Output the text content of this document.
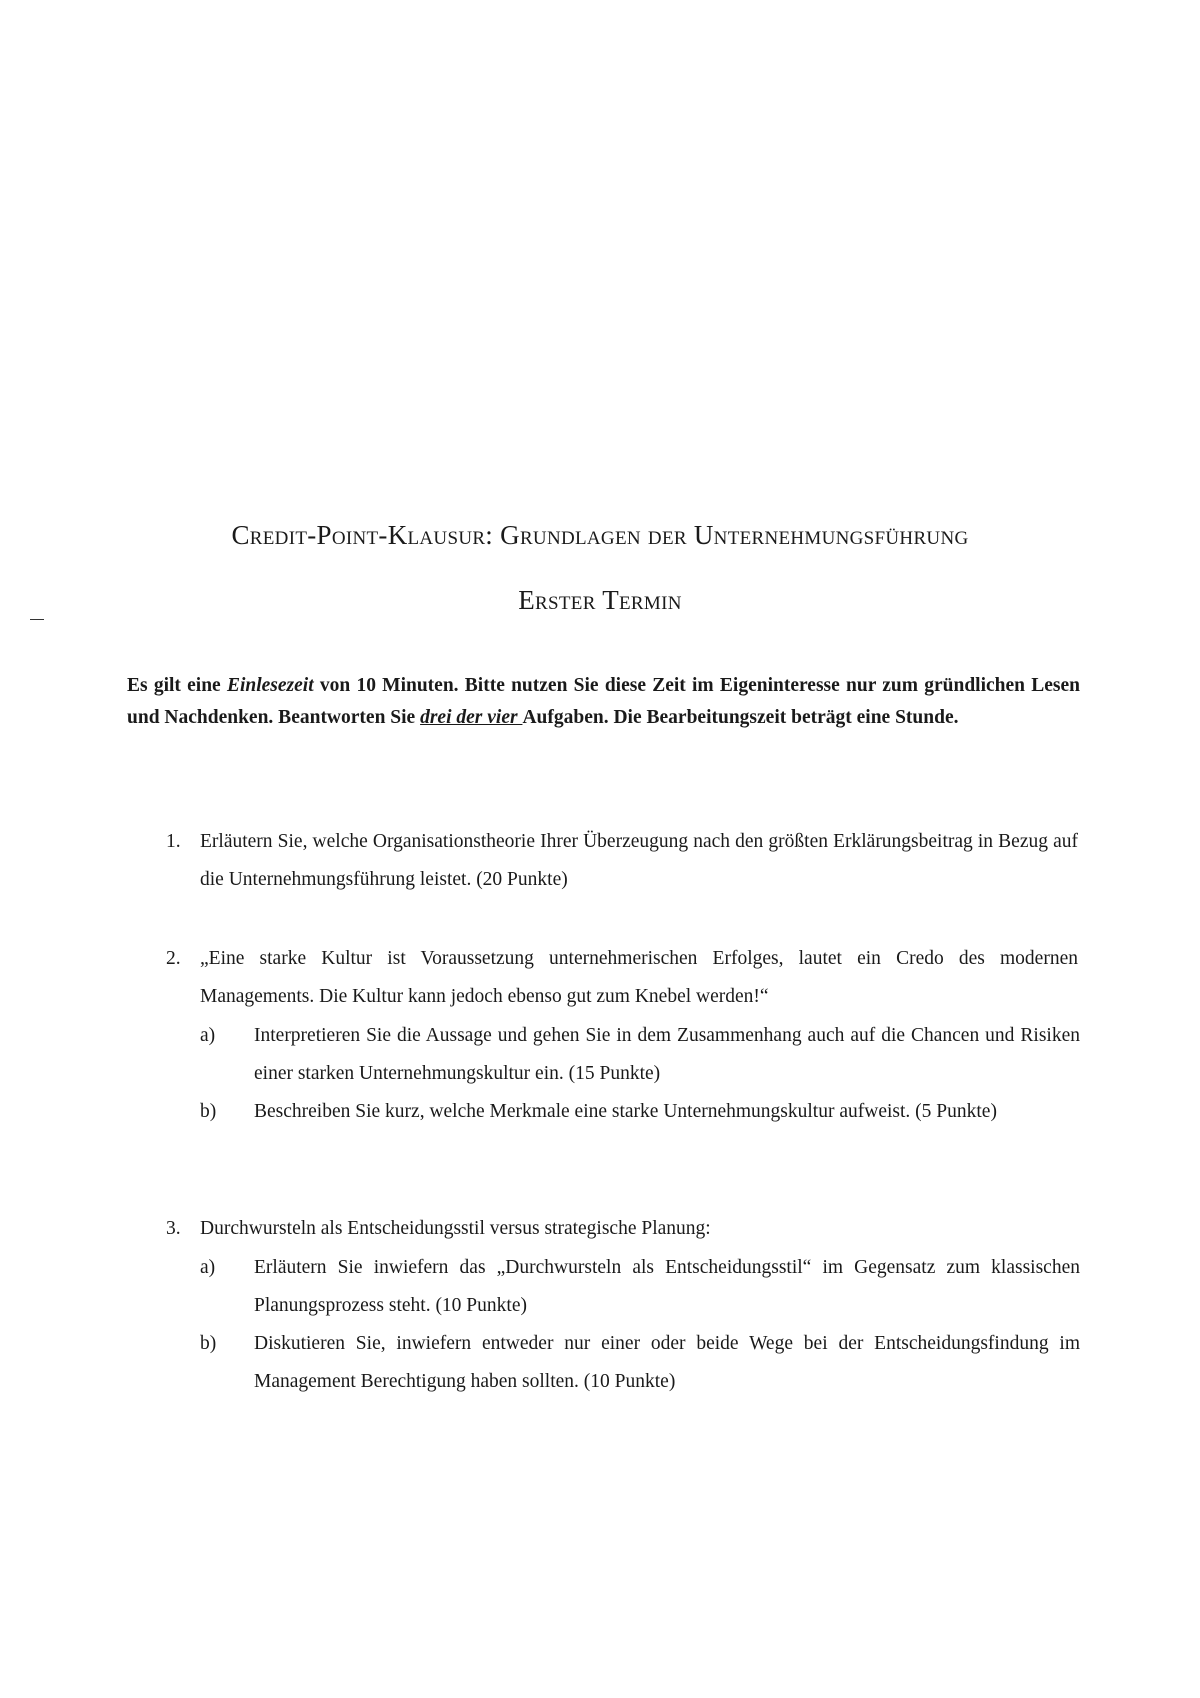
Credit-Point-Klausur: Grundlagen der Unternehmungsführung
Erster Termin

Es gilt eine Einlesezeit von 10 Minuten. Bitte nutzen Sie diese Zeit im Eigeninteresse nur zum gründlichen Lesen und Nachdenken. Beantworten Sie drei der vier Aufgaben. Die Bearbeitungszeit beträgt eine Stunde.

1. Erläutern Sie, welche Organisationstheorie Ihrer Überzeugung nach den größten Erklärungsbeitrag in Bezug auf die Unternehmungsführung leistet. (20 Punkte)
2. „Eine starke Kultur ist Voraussetzung unternehmerischen Erfolges, lautet ein Credo des modernen Managements. Die Kultur kann jedoch ebenso gut zum Knebel werden!“
a) Interpretieren Sie die Aussage und gehen Sie in dem Zusammenhang auch auf die Chancen und Risiken einer starken Unternehmungskultur ein. (15 Punkte)
b) Beschreiben Sie kurz, welche Merkmale eine starke Unternehmungskultur aufweist. (5 Punkte)
3. Durchwursteln als Entscheidungsstil versus strategische Planung:
a) Erläutern Sie inwiefern das „Durchwursteln als Entscheidungsstil“ im Gegensatz zum klassischen Planungsprozess steht. (10 Punkte)
b) Diskutieren Sie, inwiefern entweder nur einer oder beide Wege bei der Entscheidungsfindung im Management Berechtigung haben sollten. (10 Punkte)
